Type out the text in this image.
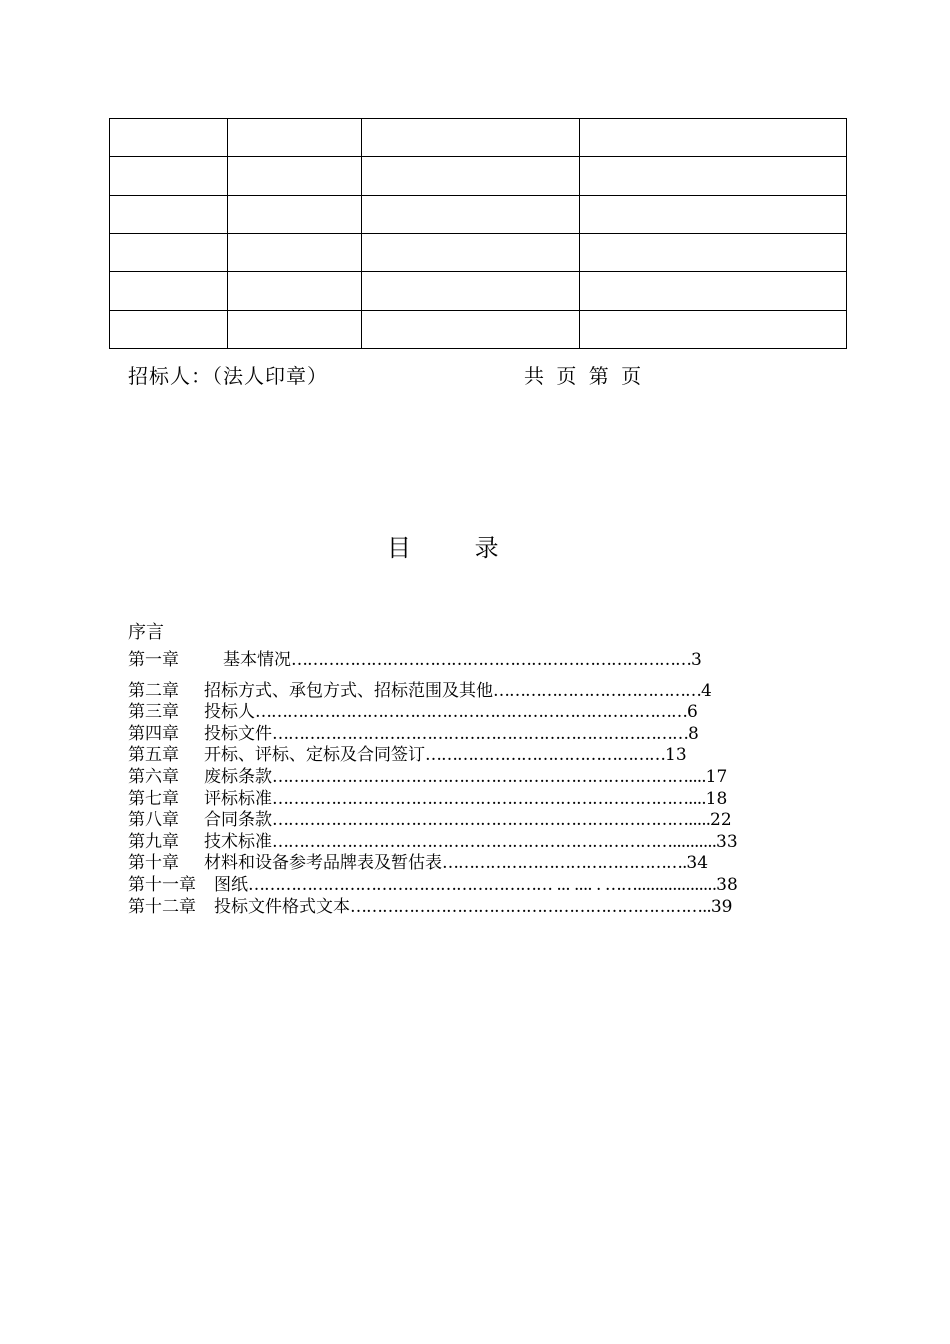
招标人：（法人印章）	共 页 第 页
目 录
序言
第一章	基本情况…………………………………………………………………3
第二章 招标方式、承包方式、招标范围及其他…………………………………4
第三章 投标人………………………………………………………………………6
第四章 投标文件……………………………………………………………………8
第五章 开标、评标、定标及合同签订………………………………………13
第六章 废标条款……………………………………………………………………....17
第七章 评标标准……………………………………………………………………....18
第八章 合同条款…………………………………………………………………….....22
第九章 技术标准…………………………………………………………………..........33
第十章 材料和设备参考品牌表及暂估表……………………………………….34
第十一章 图纸………………………………………………… ... .... . ……..................38
第十二章 投标文件格式文本…………………………………………………………..39
